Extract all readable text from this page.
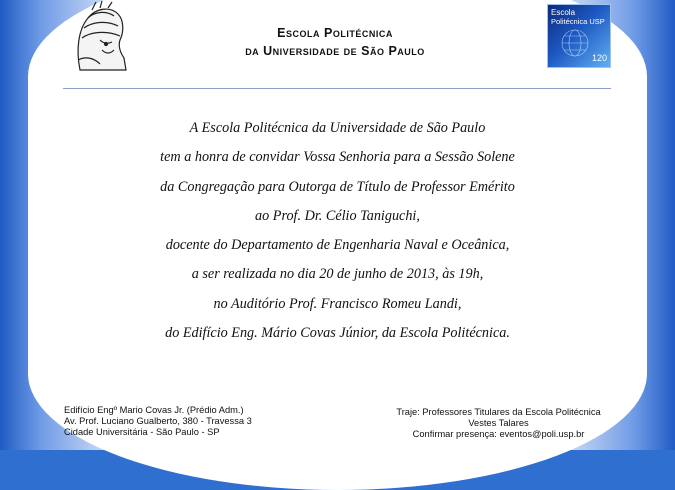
Escola Politécnica
da Universidade de São Paulo
Escola
Politécnica USP
120
A Escola Politécnica da Universidade de São Paulo
tem a honra de convidar Vossa Senhoria para a Sessão Solene
da Congregação para Outorga de Título de Professor Emérito
ao Prof. Dr. Célio Taniguchi,
docente do Departamento de Engenharia Naval e Oceânica,
a ser realizada no dia 20 de junho de 2013, às 19h,
no Auditório Prof. Francisco Romeu Landi,
do Edifício Eng. Mário Covas Júnior, da Escola Politécnica.
Edifício Engº Mario Covas Jr. (Prédio Adm.)
Av. Prof. Luciano Gualberto, 380 - Travessa 3
Cidade Universitária - São Paulo - SP
Traje: Professores Titulares da Escola Politécnica
Vestes Talares
Confirmar presença: eventos@poli.usp.br
